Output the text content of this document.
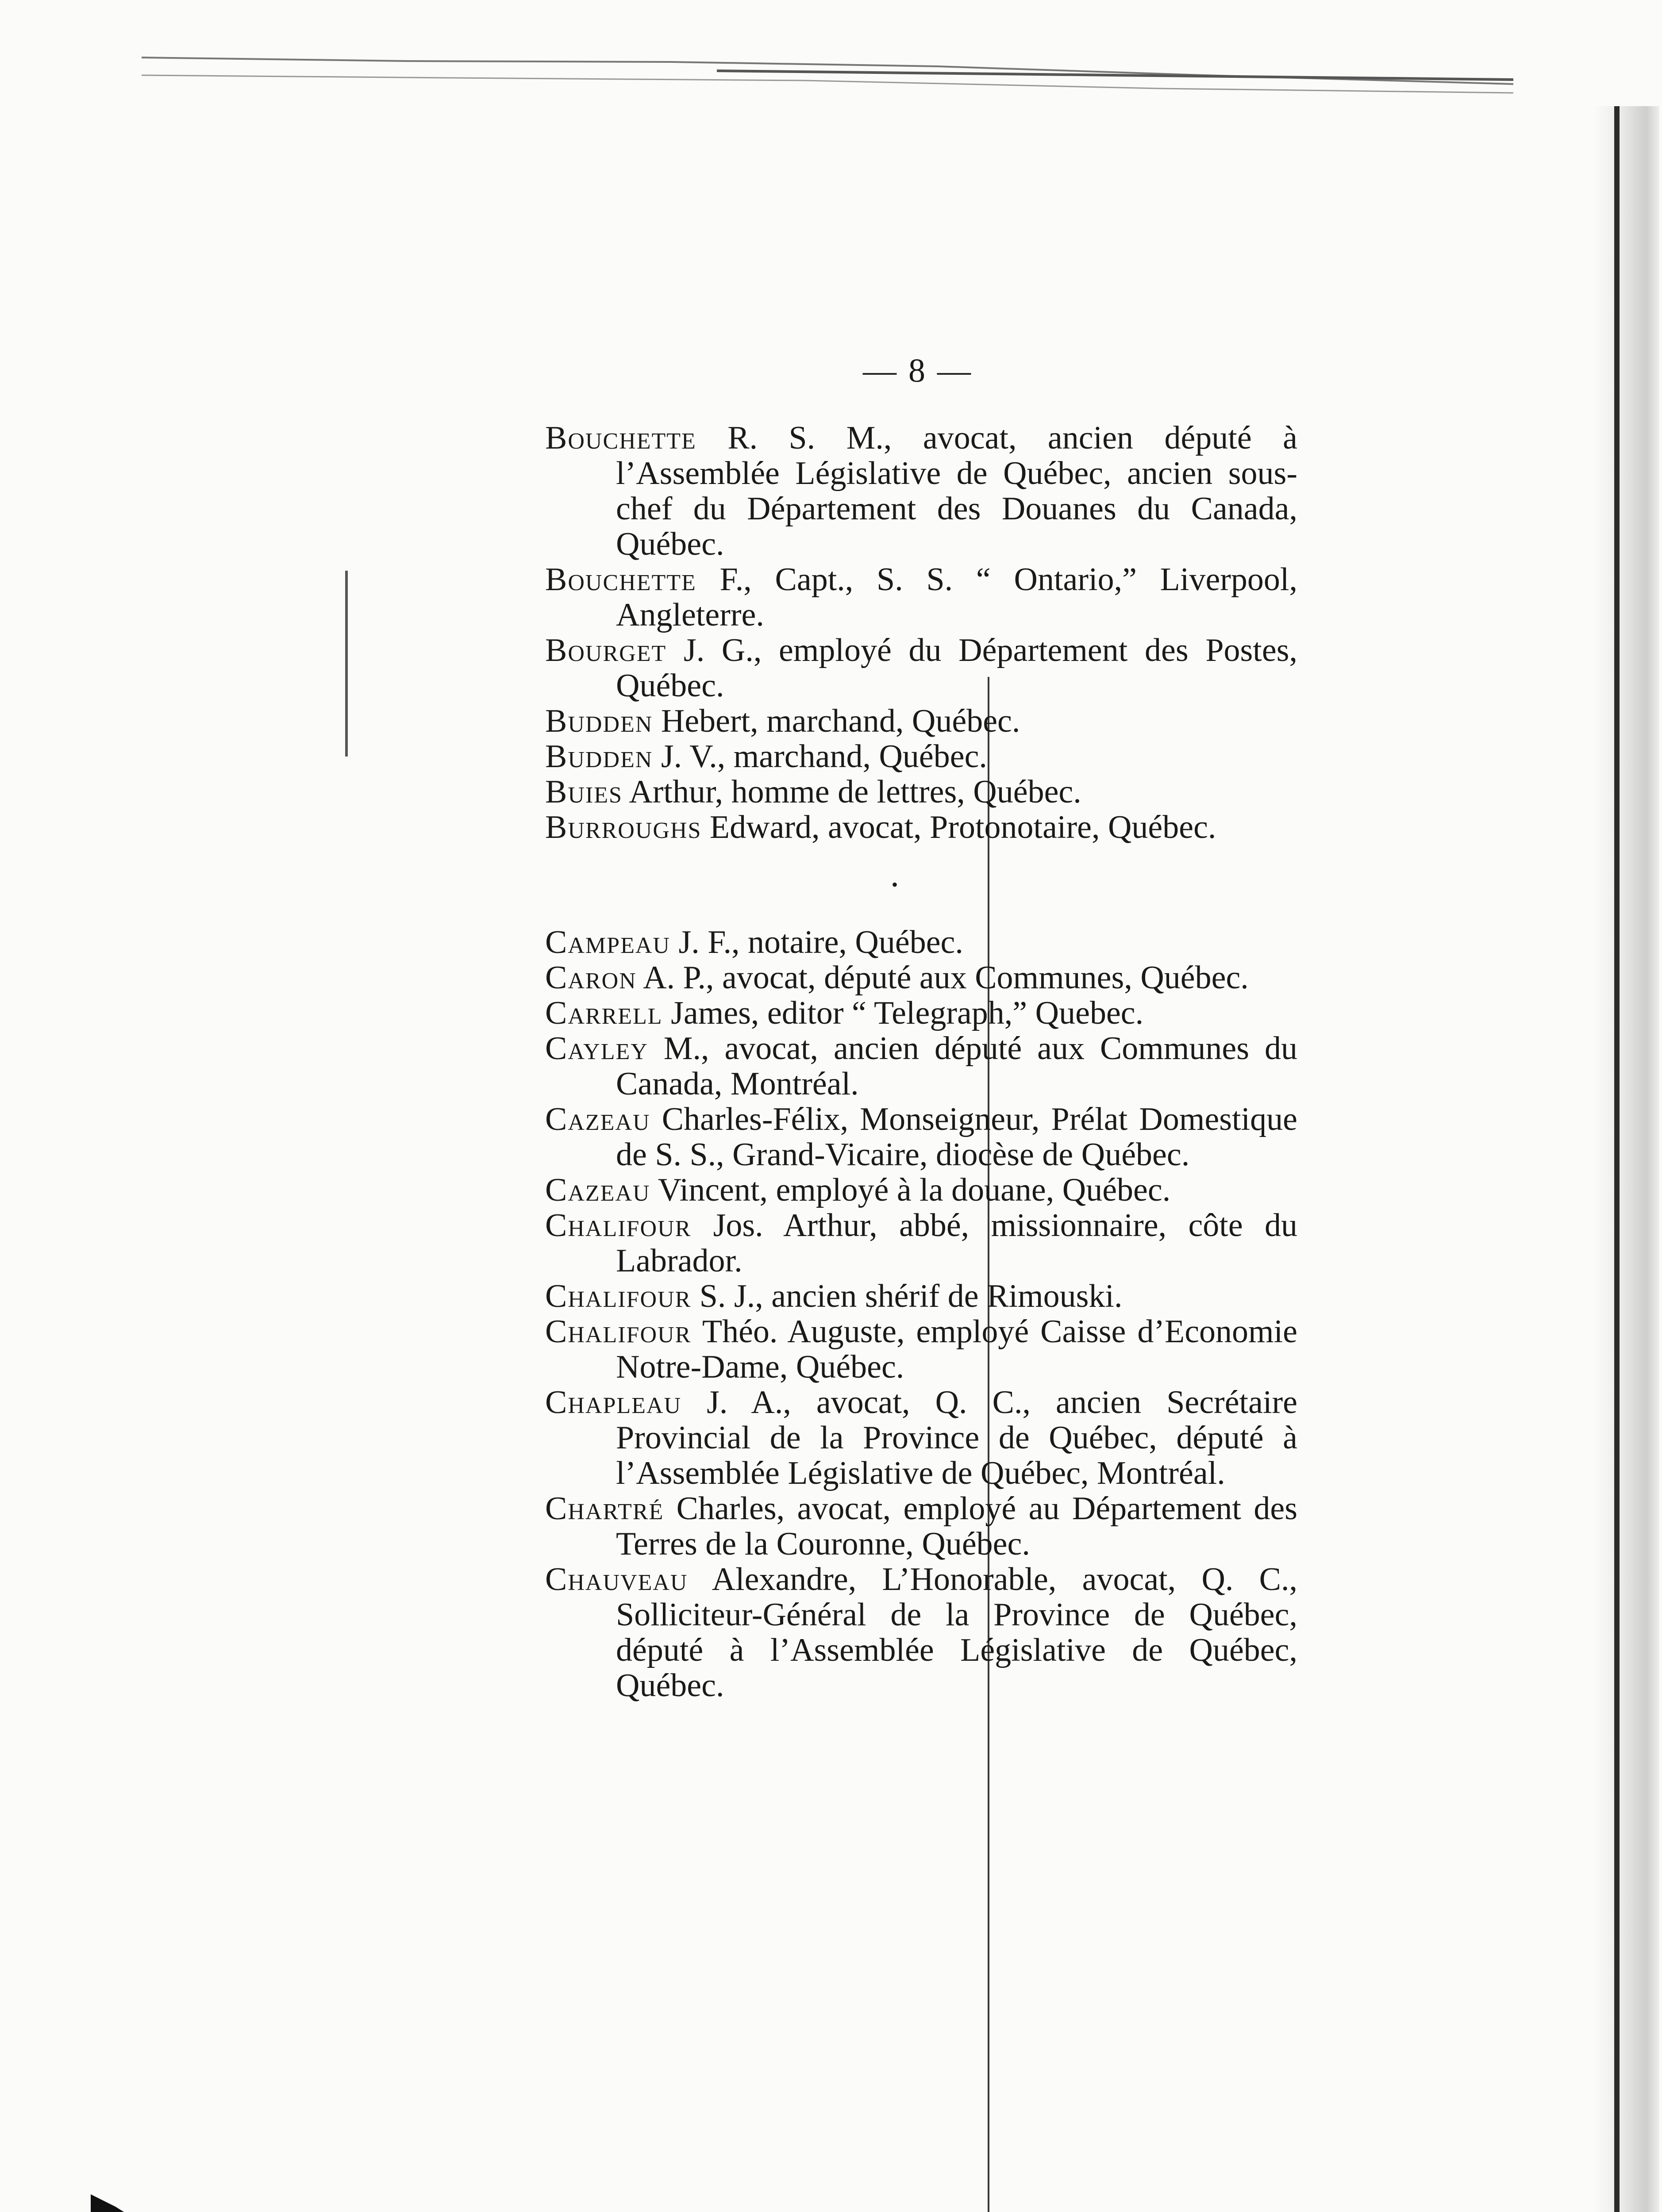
— 8 —
Bouchette R. S. M., avocat, ancien député à l’Assemblée Législative de Québec, ancien sous-chef du Département des Douanes du Canada, Québec.
Bouchette F., Capt., S. S. “ Ontario,” Liverpool, Angleterre.
Bourget J. G., employé du Département des Postes, Québec.
Budden Hebert, marchand, Québec.
Budden J. V., marchand, Québec.
Buies Arthur, homme de lettres, Québec.
Burroughs Edward, avocat, Protonotaire, Québec.
•
Campeau J. F., notaire, Québec.
Caron A. P., avocat, député aux Communes, Québec.
Carrell James, editor “ Telegraph,” Quebec.
Cayley M., avocat, ancien député aux Communes du Canada, Montréal.
Cazeau Charles-Félix, Monseigneur, Prélat Domestique de S. S., Grand-Vicaire, diocèse de Québec.
Cazeau Vincent, employé à la douane, Québec.
Chalifour Jos. Arthur, abbé, missionnaire, côte du Labrador.
Chalifour S. J., ancien shérif de Rimouski.
Chalifour Théo. Auguste, employé Caisse d’Economie Notre-Dame, Québec.
Chapleau J. A., avocat, Q. C., ancien Secrétaire Provincial de la Province de Québec, député à l’Assemblée Législative de Québec, Montréal.
Chartré Charles, avocat, employé au Département des Terres de la Couronne, Québec.
Chauveau Alexandre, L’Honorable, avocat, Q. C., Solliciteur-Général de la Province de Québec, député à l’Assemblée Législative de Québec, Québec.
